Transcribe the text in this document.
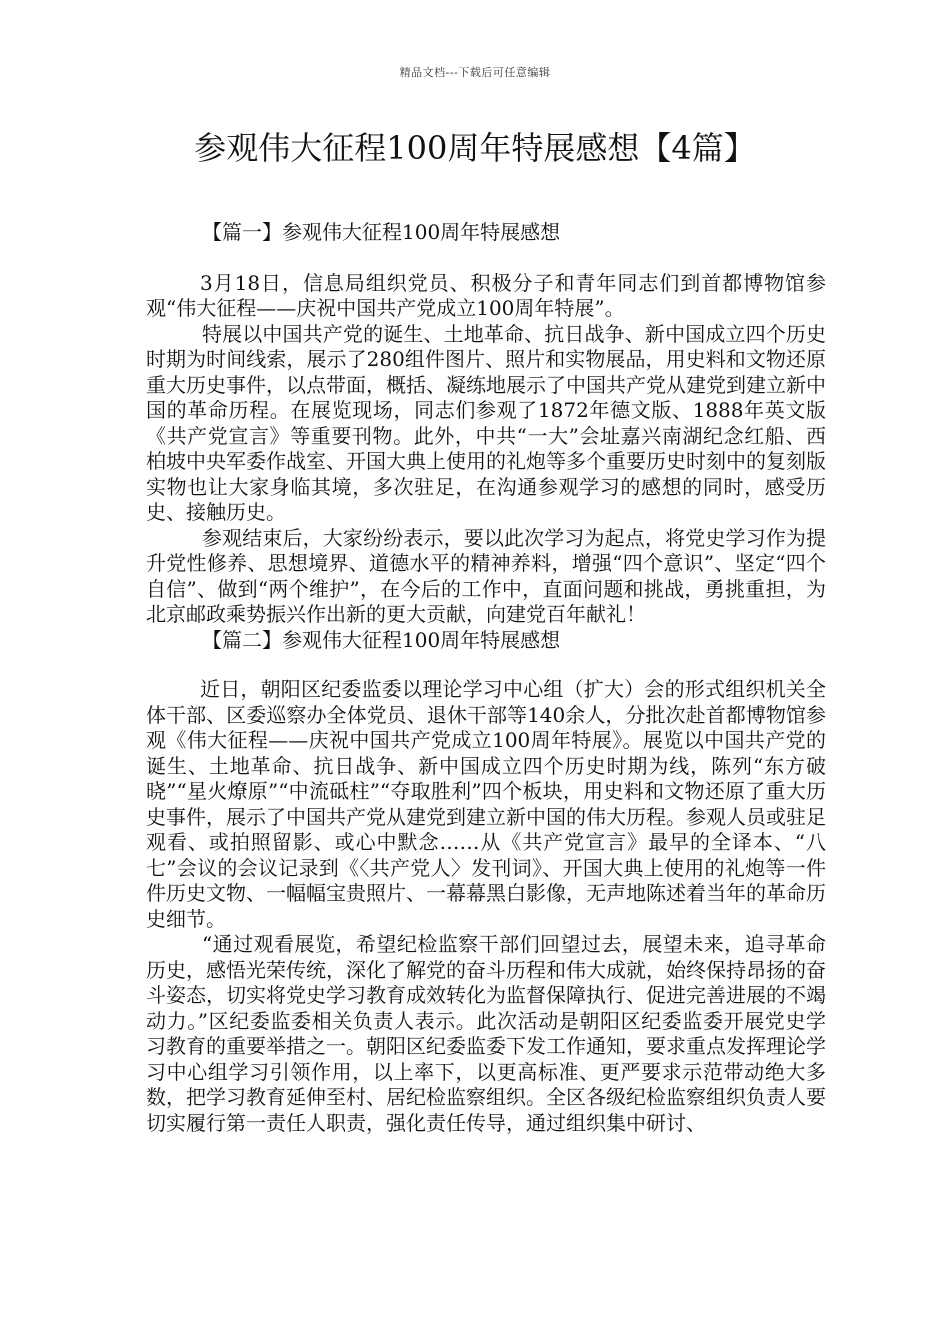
精品文档---下载后可任意编辑
参观伟大征程100周年特展感想【4篇】
【篇一】参观伟大征程100周年特展感想

3月18日，信息局组织党员、积极分子和青年同志们到首都博物馆参观“伟大征程——庆祝中国共产党成立100周年特展”。

特展以中国共产党的诞生、土地革命、抗日战争、新中国成立四个历史时期为时间线索，展示了280组件图片、照片和实物展品，用史料和文物还原重大历史事件，以点带面，概括、凝练地展示了中国共产党从建党到建立新中国的革命历程。在展览现场，同志们参观了1872年德文版、1888年英文版《共产党宣言》等重要刊物。此外，中共“一大”会址嘉兴南湖纪念红船、西柏坡中央军委作战室、开国大典上使用的礼炮等多个重要历史时刻中的复刻版实物也让大家身临其境，多次驻足，在沟通参观学习的感想的同时，感受历史、接触历史。

参观结束后，大家纷纷表示，要以此次学习为起点，将党史学习作为提升党性修养、思想境界、道德水平的精神养料，增强“四个意识”、坚定“四个自信”、做到“两个维护”，在今后的工作中，直面问题和挑战，勇挑重担，为北京邮政乘势振兴作出新的更大贡献，向建党百年献礼！

【篇二】参观伟大征程100周年特展感想

近日，朝阳区纪委监委以理论学习中心组（扩大）会的形式组织机关全体干部、区委巡察办全体党员、退休干部等140余人，分批次赴首都博物馆参观《伟大征程——庆祝中国共产党成立100周年特展》。展览以中国共产党的诞生、土地革命、抗日战争、新中国成立四个历史时期为线，陈列“东方破晓”“星火燎原”“中流砥柱”“夺取胜利”四个板块，用史料和文物还原了重大历史事件，展示了中国共产党从建党到建立新中国的伟大历程。参观人员或驻足观看、或拍照留影、或心中默念……从《共产党宣言》最早的全译本、“八七”会议的会议记录到《〈共产党人〉发刊词》、开国大典上使用的礼炮等一件件历史文物、一幅幅宝贵照片、一幕幕黑白影像，无声地陈述着当年的革命历史细节。

“通过观看展览，希望纪检监察干部们回望过去，展望未来，追寻革命历史，感悟光荣传统，深化了解党的奋斗历程和伟大成就，始终保持昂扬的奋斗姿态，切实将党史学习教育成效转化为监督保障执行、促进完善进展的不竭动力。”区纪委监委相关负责人表示。此次活动是朝阳区纪委监委开展党史学习教育的重要举措之一。朝阳区纪委监委下发工作通知，要求重点发挥理论学习中心组学习引领作用，以上率下，以更高标准、更严要求示范带动绝大多数，把学习教育延伸至村、居纪检监察组织。全区各级纪检监察组织负责人要切实履行第一责任人职责，强化责任传导，通过组织集中研讨、
